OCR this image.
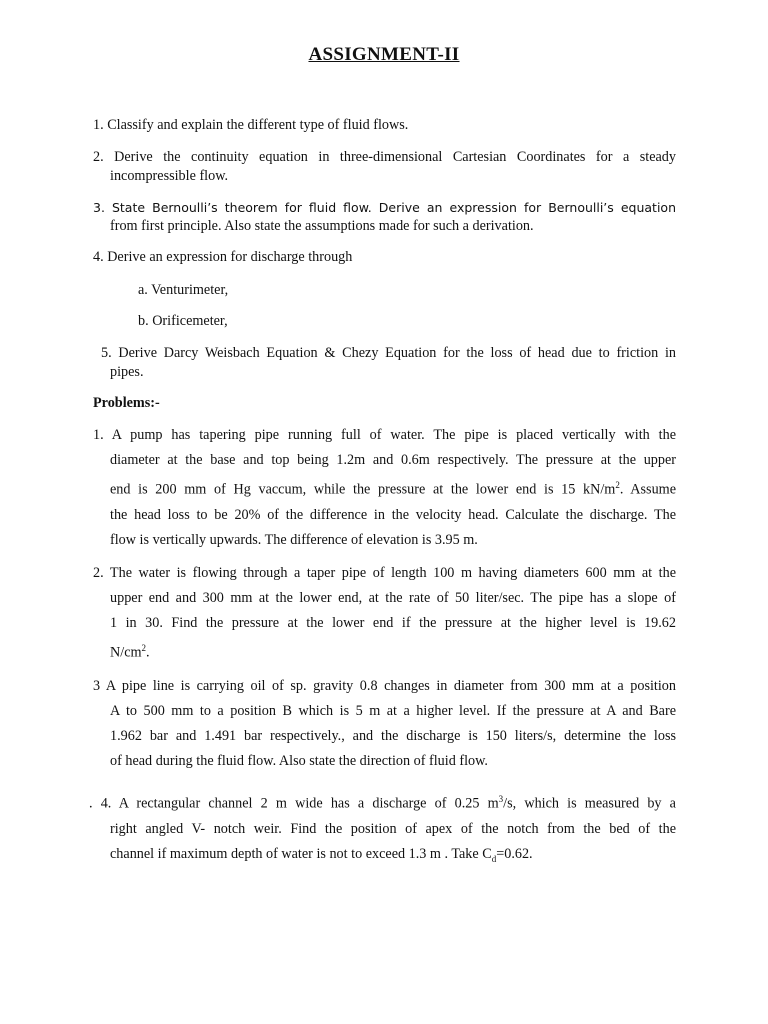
ASSIGNMENT-II
1. Classify and explain the different type of fluid flows.
2. Derive the continuity equation in three-dimensional Cartesian Coordinates for a steady
incompressible flow.
3. State Bernoulli’s theorem for fluid flow. Derive an expression for Bernoulli’s equation
from first principle. Also state the assumptions made for such a derivation.
4. Derive an expression for discharge through
a. Venturimeter,
b. Orificemeter,
5. Derive Darcy Weisbach Equation & Chezy Equation for the loss of head due to friction in
pipes.
Problems:-
1. A pump has tapering pipe running full of water. The pipe is placed vertically with the
diameter at the base and top being 1.2m and 0.6m respectively. The pressure at the upper
end is 200 mm of Hg vaccum, while the pressure at the lower end is 15 $kN/m^2$. Assume
the head loss to be 20% of the difference in the velocity head. Calculate the discharge. The
flow is vertically upwards. The difference of elevation is 3.95 m.
2. The water is flowing through a taper pipe of length 100 m having diameters 600 mm at the
upper end and 300 mm at the lower end, at the rate of 50 liter/sec. The pipe has a slope of
1 in 30. Find the pressure at the lower end if the pressure at the higher level is 19.62
$N/cm^2$.
3 A pipe line is carrying oil of sp. gravity 0.8 changes in diameter from 300 mm at a position
A to 500 mm to a position B which is 5 m at a higher level. If the pressure at A and Bare
1.962 bar and 1.491 bar respectively., and the discharge is 150 liters/s, determine the loss
of head during the fluid flow. Also state the direction of fluid flow.
. 4. A rectangular channel 2 m wide has a discharge of 0.25 $m^3/s$, which is measured by a
right angled V- notch weir. Find the position of apex of the notch from the bed of the
channel if maximum depth of water is not to exceed 1.3 m . Take $C_d=0.62$.
